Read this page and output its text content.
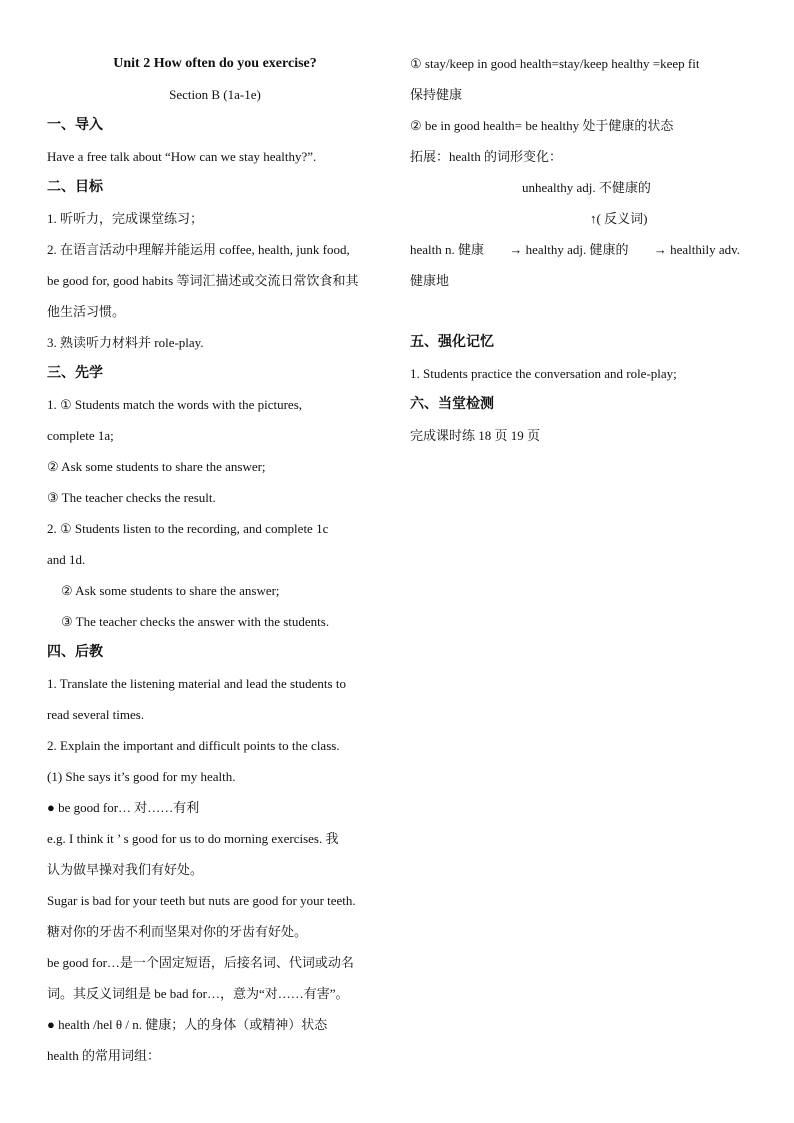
Unit 2 How often do you exercise?
Section B (1a-1e)
一、导入
Have a free talk about “How can we stay healthy?”.
二、目标
1. 听听力，完成课堂练习；
2. 在语言活动中理解并能运用 coffee, health, junk food,
be good for, good habits 等词汇描述或交流日常饮食和其
他生活习惯。
3. 熟读听力材料并 role-play.
三、先学
1. ① Students match the words with the pictures,
complete 1a;
② Ask some students to share the answer;
③ The teacher checks the result.
2. ① Students listen to the recording, and complete 1c
and 1d.
② Ask some students to share the answer;
③ The teacher checks the answer with the students.
四、后教
1. Translate the listening material and lead the students to
read several times.
2. Explain the important and difficult points to the class.
(1) She says it’s good for my health.
● be good for… 对……有利
e.g. I think it ’ s good for us to do morning exercises. 我
认为做早操对我们有好处。
Sugar is bad for your teeth but nuts are good for your teeth.
糖对你的牙齿不利而坚果对你的牙齿有好处。
be good for…是一个固定短语，后接名词、代词或动名
词。其反义词组是 be bad for…，意为“对……有害”。
● health /hel θ / n. 健康；人的身体（或精神）状态
health 的常用词组：
① stay/keep in good health=stay/keep healthy =keep fit
保持健康
② be in good health= be healthy 处于健康的状态
拓展：health 的词形变化：
unhealthy adj. 不健康的
↑( 反义词)
health n. 健康 → healthy adj. 健康的 → healthily adv.
健康地
五、强化记忆
1. Students practice the conversation and role-play;
六、当堂检测
完成课时练 18 页 19 页
